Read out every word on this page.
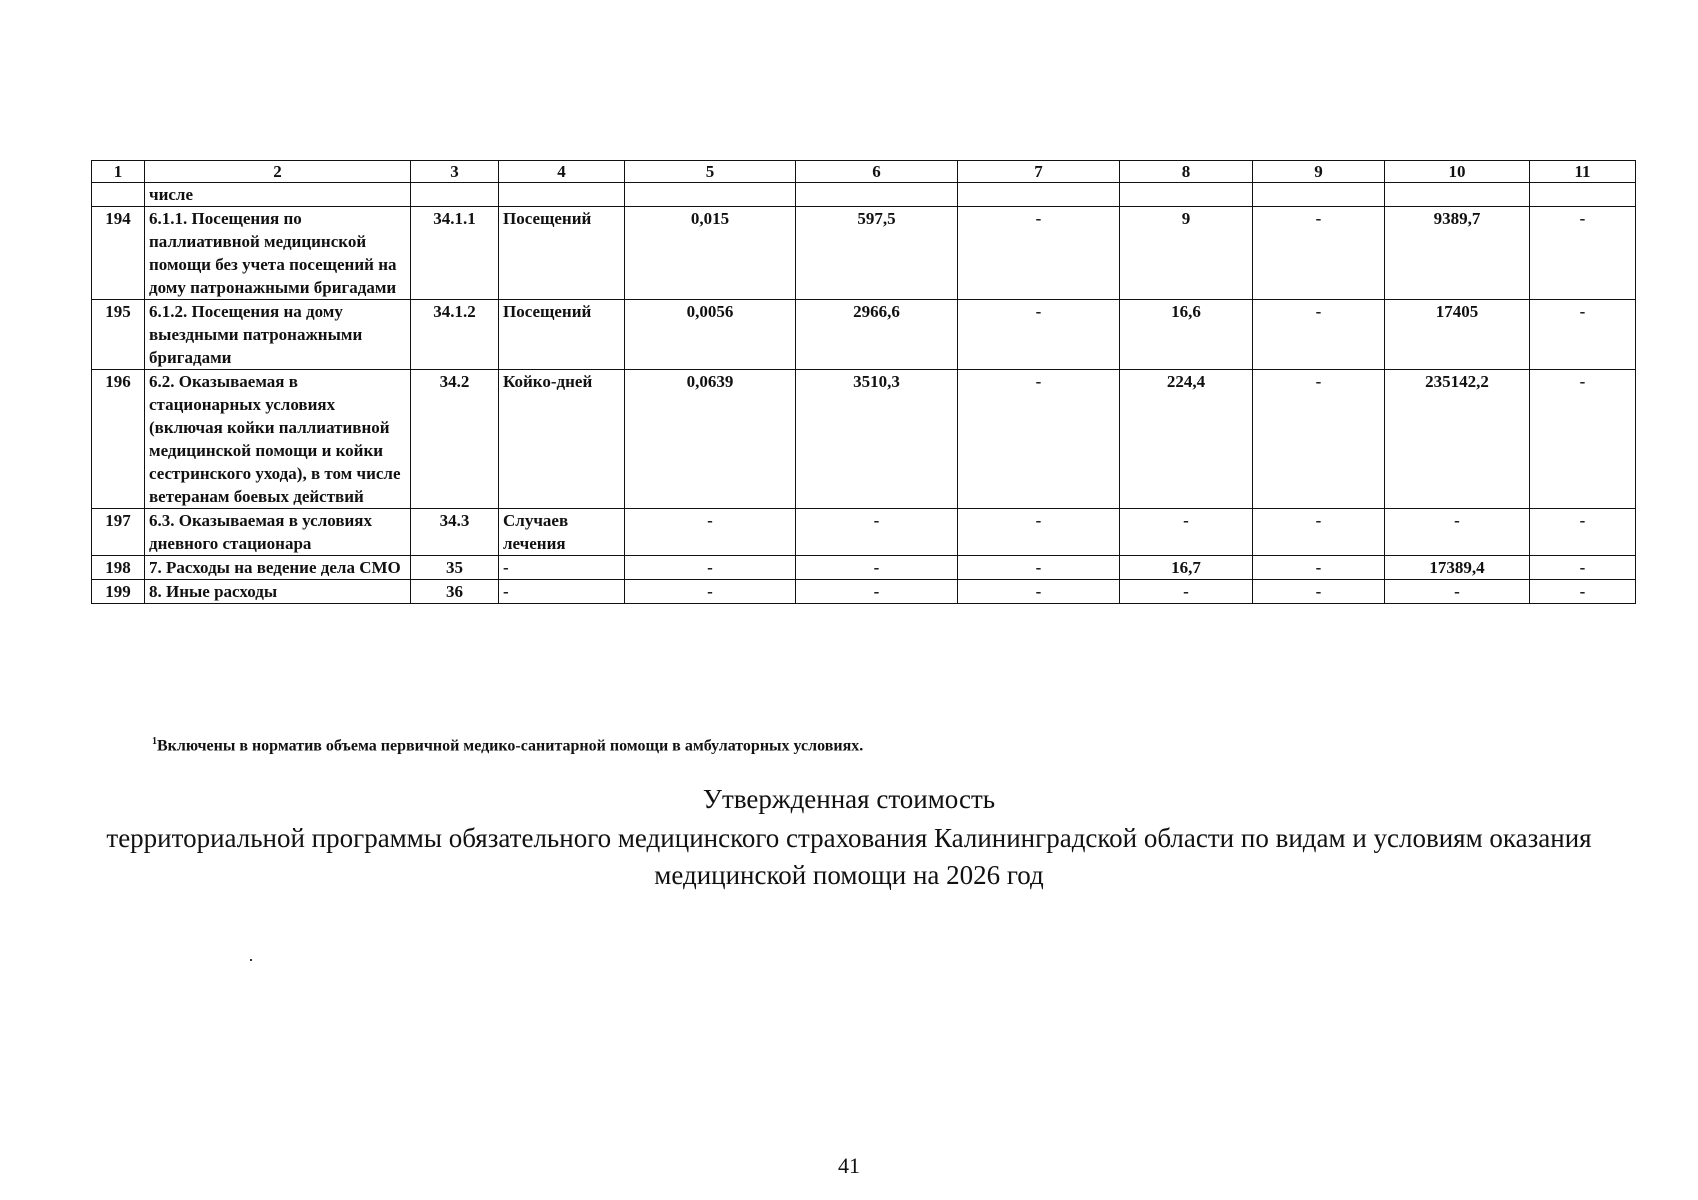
1	2	3	4	5	6	7	8	9	10	11
	числе									
194	6.1.1. Посещения по паллиативной медицинской помощи без учета посещений на дому патронажными бригадами	34.1.1	Посещений	0,015	597,5	-	9	-	9389,7	-
195	6.1.2. Посещения на дому выездными патронажными бригадами	34.1.2	Посещений	0,0056	2966,6	-	16,6	-	17405	-
196	6.2. Оказываемая в стационарных условиях (включая койки паллиативной медицинской помощи и койки сестринского ухода), в том числе ветеранам боевых действий	34.2	Койко-дней	0,0639	3510,3	-	224,4	-	235142,2	-
197	6.3. Оказываемая в условиях дневного стационара	34.3	Случаев лечения	-	-	-	-	-	-	-
198	7. Расходы на ведение дела СМО	35	-	-	-	-	16,7	-	17389,4	-
199	8. Иные расходы	36	-	-	-	-	-	-	-	-
$^1$Включены в норматив объема первичной медико-санитарной помощи в амбулаторных условиях.
Утвержденная стоимость
территориальной программы обязательного медицинского страхования Калининградской области по видам и условиям оказания медицинской помощи на 2026 год
41
